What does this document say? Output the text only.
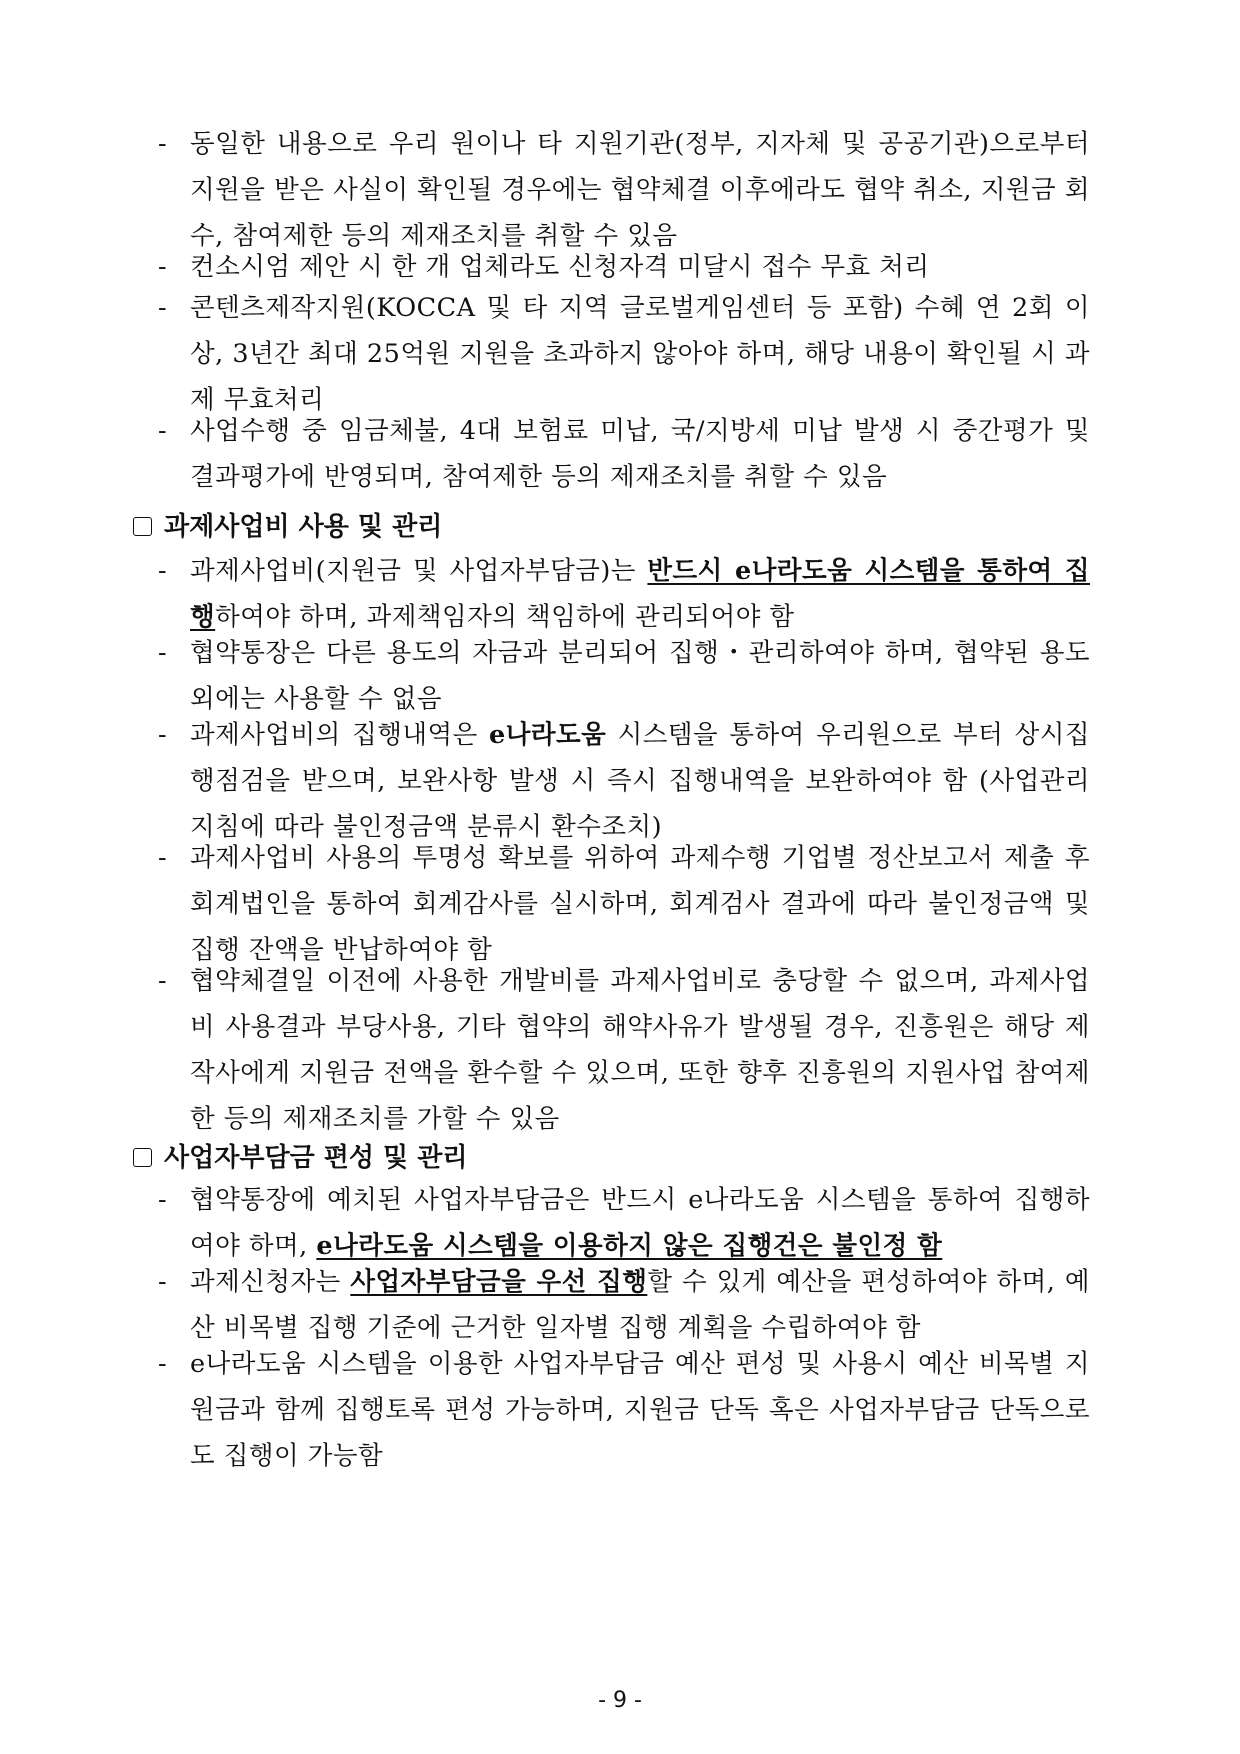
- 동일한 내용으로 우리 원이나 타 지원기관(정부, 지자체 및 공공기관)으로부터 지원을 받은 사실이 확인될 경우에는 협약체결 이후에라도 협약 취소, 지원금 회수, 참여제한 등의 제재조치를 취할 수 있음
- 컨소시엄 제안 시 한 개 업체라도 신청자격 미달시 접수 무효 처리
- 콘텐츠제작지원(KOCCA 및 타 지역 글로벌게임센터 등 포함) 수혜 연 2회 이상, 3년간 최대 25억원 지원을 초과하지 않아야 하며, 해당 내용이 확인될 시 과제 무효처리
- 사업수행 중 임금체불, 4대 보험료 미납, 국/지방세 미납 발생 시 중간평가 및 결과평가에 반영되며, 참여제한 등의 제재조치를 취할 수 있음
과제사업비 사용 및 관리
- 과제사업비(지원금 및 사업자부담금)는 반드시 e나라도움 시스템을 통하여 집행하여야 하며, 과제책임자의 책임하에 관리되어야 함
- 협약통장은 다른 용도의 자금과 분리되어 집행・관리하여야 하며, 협약된 용도 외에는 사용할 수 없음
- 과제사업비의 집행내역은 e나라도움 시스템을 통하여 우리원으로 부터 상시집행점검을 받으며, 보완사항 발생 시 즉시 집행내역을 보완하여야 함 (사업관리지침에 따라 불인정금액 분류시 환수조치)
- 과제사업비 사용의 투명성 확보를 위하여 과제수행 기업별 정산보고서 제출 후 회계법인을 통하여 회계감사를 실시하며, 회계검사 결과에 따라 불인정금액 및 집행 잔액을 반납하여야 함
- 협약체결일 이전에 사용한 개발비를 과제사업비로 충당할 수 없으며, 과제사업비 사용결과 부당사용, 기타 협약의 해약사유가 발생될 경우, 진흥원은 해당 제작사에게 지원금 전액을 환수할 수 있으며, 또한 향후 진흥원의 지원사업 참여제한 등의 제재조치를 가할 수 있음
사업자부담금 편성 및 관리
- 협약통장에 예치된 사업자부담금은 반드시 e나라도움 시스템을 통하여 집행하여야 하며, e나라도움 시스템을 이용하지 않은 집행건은 불인정 함
- 과제신청자는 사업자부담금을 우선 집행할 수 있게 예산을 편성하여야 하며, 예산 비목별 집행 기준에 근거한 일자별 집행 계획을 수립하여야 함
- e나라도움 시스템을 이용한 사업자부담금 예산 편성 및 사용시 예산 비목별 지원금과 함께 집행토록 편성 가능하며, 지원금 단독 혹은 사업자부담금 단독으로도 집행이 가능함
- 9 -
